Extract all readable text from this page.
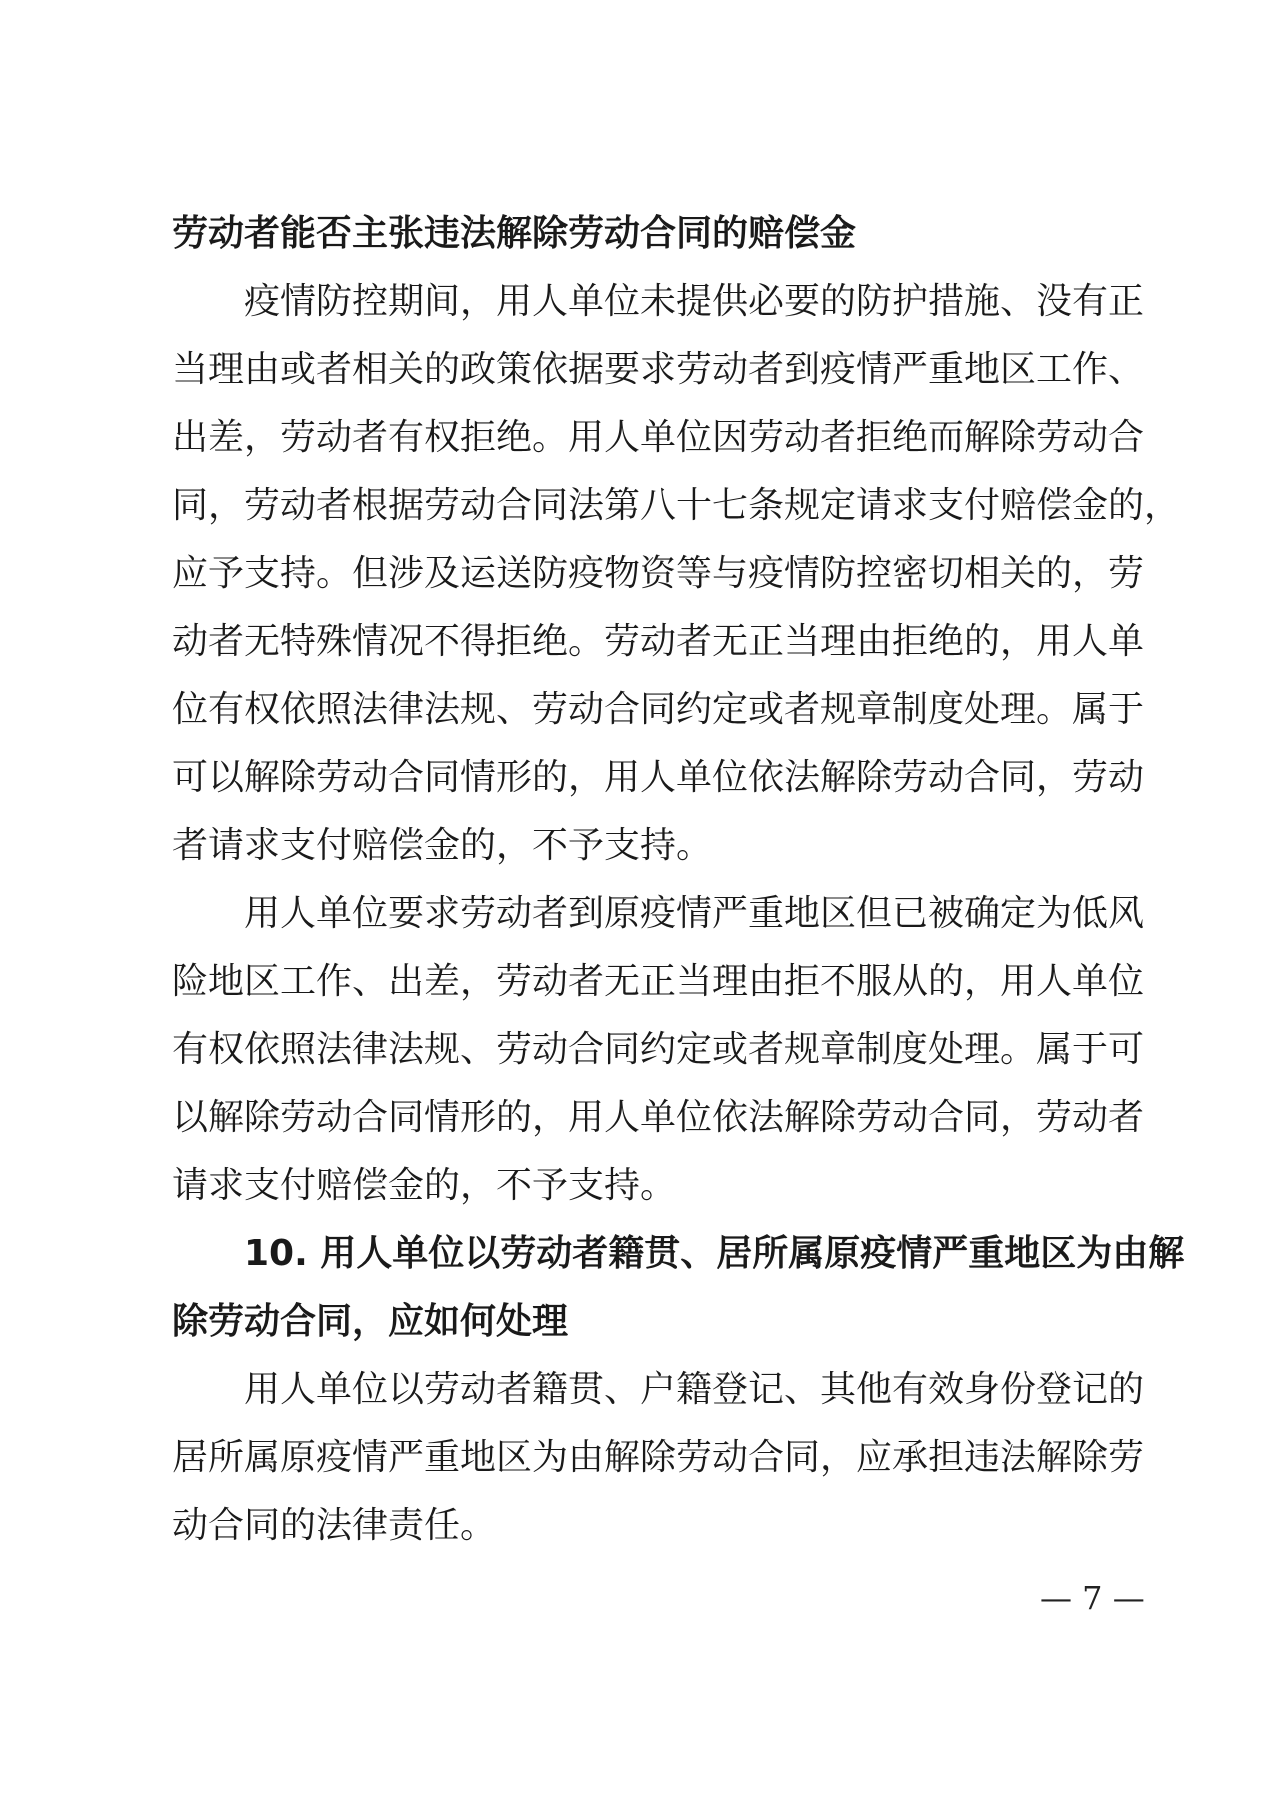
劳动者能否主张违法解除劳动合同的赔偿金
疫情防控期间，用人单位未提供必要的防护措施、没有正
当理由或者相关的政策依据要求劳动者到疫情严重地区工作、
出差，劳动者有权拒绝。用人单位因劳动者拒绝而解除劳动合
同，劳动者根据劳动合同法第八十七条规定请求支付赔偿金的，
应予支持。但涉及运送防疫物资等与疫情防控密切相关的，劳
动者无特殊情况不得拒绝。劳动者无正当理由拒绝的，用人单
位有权依照法律法规、劳动合同约定或者规章制度处理。属于
可以解除劳动合同情形的，用人单位依法解除劳动合同，劳动
者请求支付赔偿金的，不予支持。
用人单位要求劳动者到原疫情严重地区但已被确定为低风
险地区工作、出差，劳动者无正当理由拒不服从的，用人单位
有权依照法律法规、劳动合同约定或者规章制度处理。属于可
以解除劳动合同情形的，用人单位依法解除劳动合同，劳动者
请求支付赔偿金的，不予支持。
10. 用人单位以劳动者籍贯、居所属原疫情严重地区为由解
除劳动合同，应如何处理
用人单位以劳动者籍贯、户籍登记、其他有效身份登记的
居所属原疫情严重地区为由解除劳动合同，应承担违法解除劳
动合同的法律责任。
— 7 —
